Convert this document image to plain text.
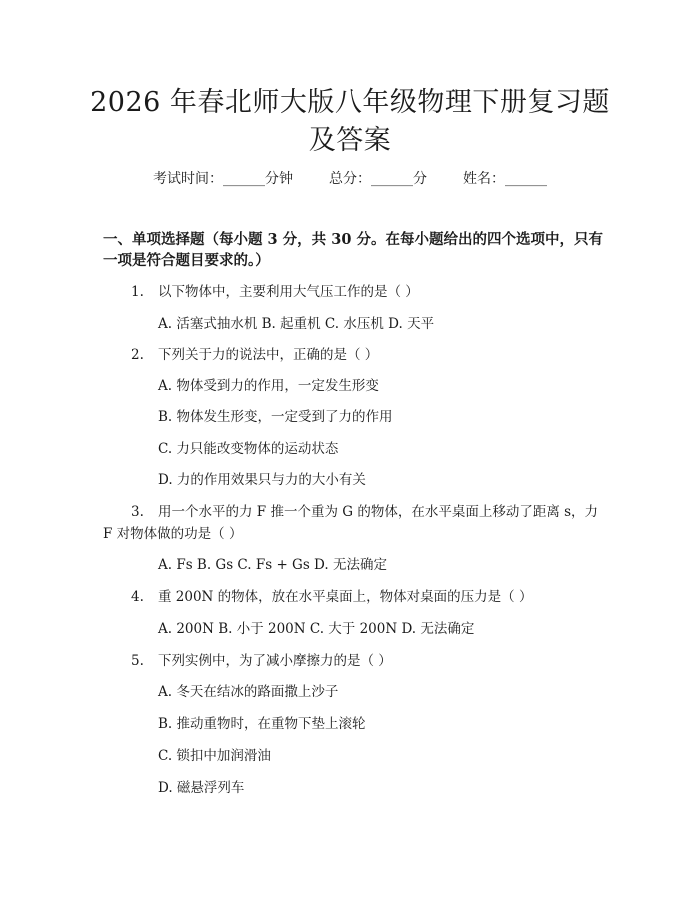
2026 年春北师大版八年级物理下册复习题及答案
考试时间：______分钟	总分：______分	姓名：______
一、单项选择题（每小题 3 分，共 30 分。在每小题给出的四个选项中，只有一项是符合题目要求的。）
1. 以下物体中，主要利用大气压工作的是（ ）
A. 活塞式抽水机 B. 起重机 C. 水压机 D. 天平
2. 下列关于力的说法中，正确的是（ ）
A. 物体受到力的作用，一定发生形变
B. 物体发生形变，一定受到了力的作用
C. 力只能改变物体的运动状态
D. 力的作用效果只与力的大小有关
3. 用一个水平的力 F 推一个重为 G 的物体，在水平桌面上移动了距离 s，力 F 对物体做的功是（ ）
A. Fs B. Gs C. Fs + Gs D. 无法确定
4. 重 200N 的物体，放在水平桌面上，物体对桌面的压力是（ ）
A. 200N B. 小于 200N C. 大于 200N D. 无法确定
5. 下列实例中，为了减小摩擦力的是（ ）
A. 冬天在结冰的路面撒上沙子
B. 推动重物时，在重物下垫上滚轮
C. 锁扣中加润滑油
D. 磁悬浮列车
